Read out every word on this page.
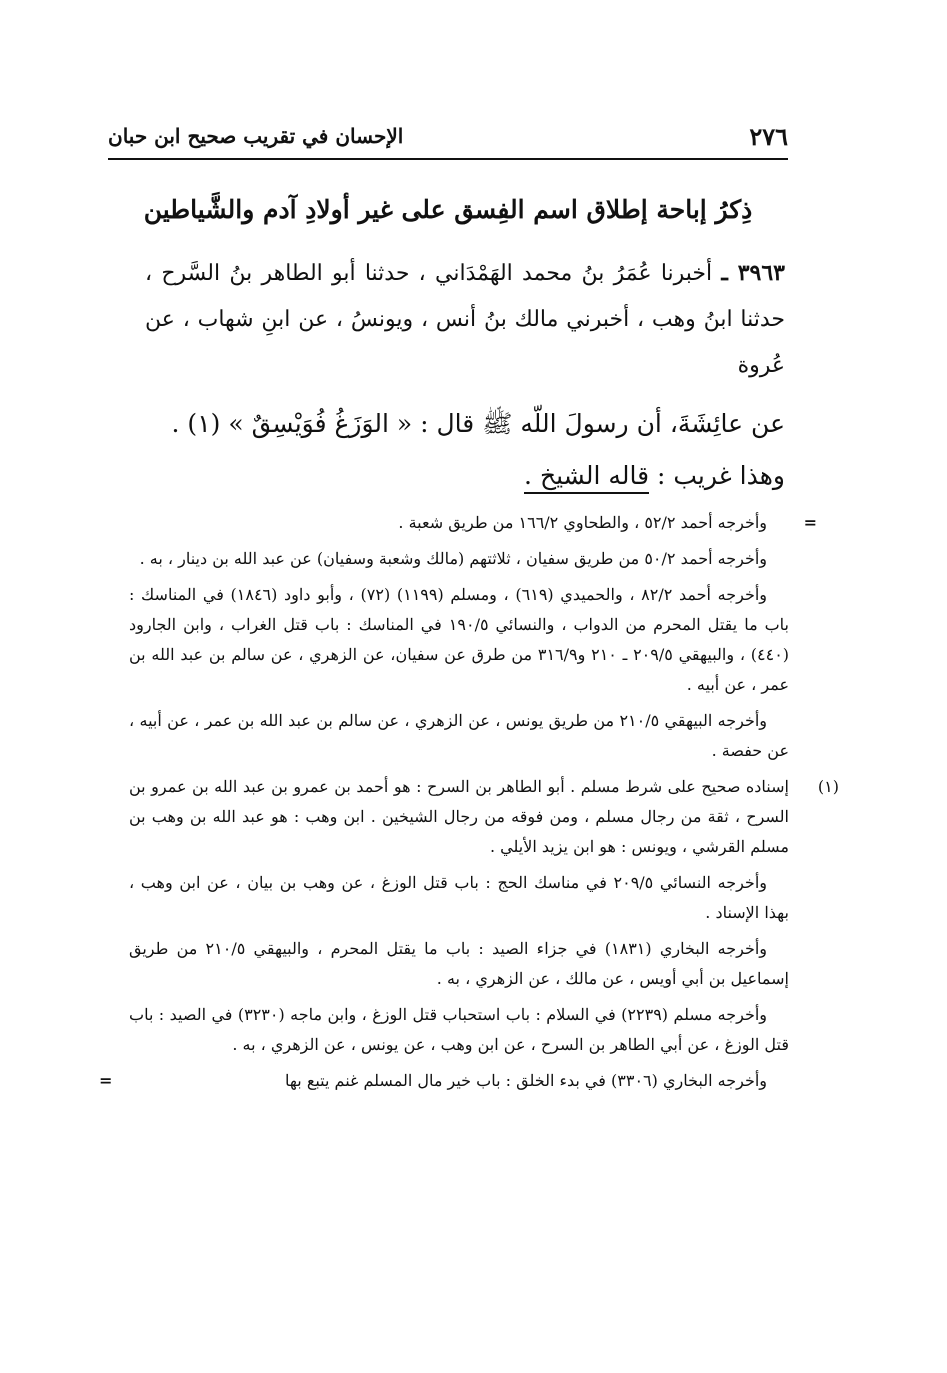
٢٧٦
الإحسان في تقريب صحيح ابن حبان
ذِكرُ إباحة إطلاق اسم الفِسق على غير أولادِ آدم والشَّياطين
٣٩٦٣ ـ أخبرنا عُمَرُ بنُ محمد الهَمْدَاني ، حدثنا أبو الطاهر بنُ السَّرح ، حدثنا ابنُ وهب ، أخبرني مالك بنُ أنس ، ويونسُ ، عن ابنِ شهاب ، عن عُروة
عن عائِشَةَ، أن رسولَ اللّه ﷺ قال : « الوَزَغُ فُوَيْسِقٌ » (١) .
وهذا غريب : قاله الشيخ .

=
وأخرجه أحمد ٥٢/٢ ، والطحاوي ١٦٦/٢ من طريق شعبة .

وأخرجه أحمد ٥٠/٢ من طريق سفيان ، ثلاثتهم (مالك وشعبة وسفيان) عن عبد الله بن دينار ، به .

وأخرجه أحمد ٨٢/٢ ، والحميدي (٦١٩) ، ومسلم (١١٩٩) (٧٢) ، وأبو داود (١٨٤٦) في المناسك : باب ما يقتل المحرم من الدواب ، والنسائي ١٩٠/٥ في المناسك : باب قتل الغراب ، وابن الجارود (٤٤٠) ، والبيهقي ٢٠٩/٥ ـ ٢١٠ و٣١٦/٩ من طرق عن سفيان، عن الزهري ، عن سالم بن عبد الله بن عمر ، عن أبيه .

وأخرجه البيهقي ٢١٠/٥ من طريق يونس ، عن الزهري ، عن سالم بن عبد الله بن عمر ، عن أبيه ، عن حفصة .

(١)
إسناده صحيح على شرط مسلم . أبو الطاهر بن السرح : هو أحمد بن عمرو بن عبد الله بن عمرو بن السرح ، ثقة من رجال مسلم ، ومن فوقه من رجال الشيخين . ابن وهب : هو عبد الله بن وهب بن مسلم القرشي ، ويونس : هو ابن يزيد الأيلي .

وأخرجه النسائي ٢٠٩/٥ في مناسك الحج : باب قتل الوزغ ، عن وهب بن بيان ، عن ابن وهب ، بهذا الإسناد .

وأخرجه البخاري (١٨٣١) في جزاء الصيد : باب ما يقتل المحرم ، والبيهقي ٢١٠/٥ من طريق إسماعيل بن أبي أويس ، عن مالك ، عن الزهري ، به .

وأخرجه مسلم (٢٢٣٩) في السلام : باب استحباب قتل الوزغ ، وابن ماجه (٣٢٣٠) في الصيد : باب قتل الوزغ ، عن أبي الطاهر بن السرح ، عن ابن وهب ، عن يونس ، عن الزهري ، به .

وأخرجه البخاري (٣٣٠٦) في بدء الخلق : باب خير مال المسلم غنم يتبع بها
=
